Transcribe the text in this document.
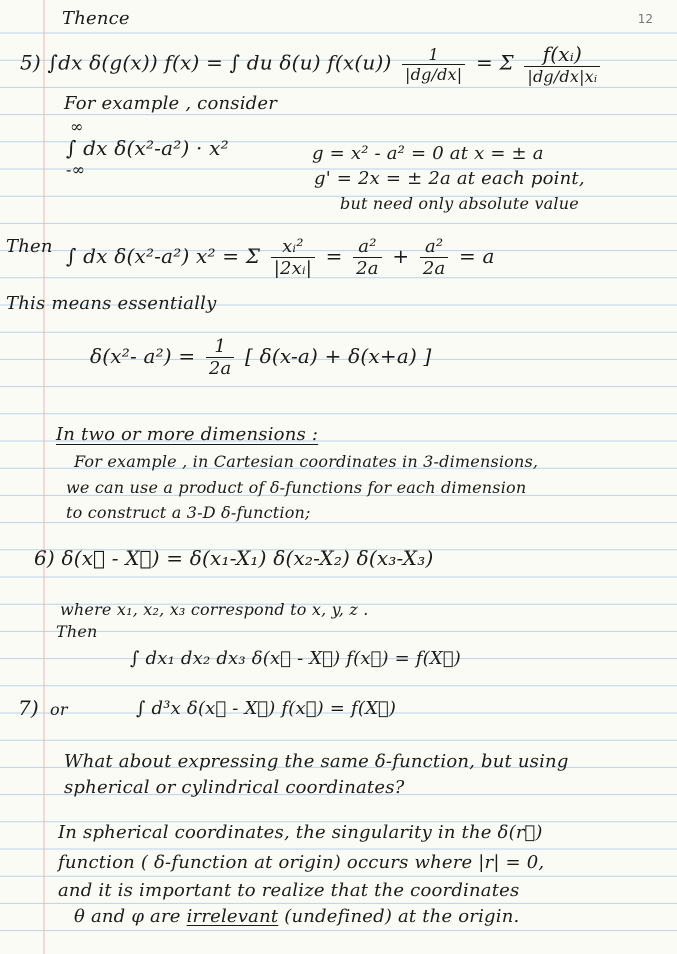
12
Thence
5) ∫dx δ(g(x)) f(x) = ∫ du δ(u) $f(x(u)) \frac{1}{|dg/dx|} = \Sigma \frac{\text{f(xᵢ)}}{\text{|dg/dx|xᵢ}}$
For example , consider
∞
∫ dx δ(x²-a²) · x²
-∞
g = x² - a² = 0 at x = ± a
g' = 2x = ± 2a at each point,
but need only absolute value
Then ∫ dx δ(x²-a²) x² = Σ $\frac{\text{xᵢ²}}{\text{|2xᵢ|}} = \frac{\text{a²}}{2a} + \frac{\text{a²}}{2a} = a$
This means essentially
δ(x²- $a^2) = \frac{1}{2a}$ [ δ(x-a) + δ(x+a) ]
In two or more dimensions :
For example , in Cartesian coordinates in 3-dimensions,
we can use a product of δ-functions for each dimension
to construct a 3-D δ-function;
6) δ(x⃗ - X⃗) = δ(x₁-X₁) δ(x₂-X₂) δ(x₃-X₃)
where x₁, x₂, x₃ correspond to x, y, z .
Then
∫ dx₁ dx₂ dx₃ δ(x⃗ - X⃗) f(x⃗) = f(X⃗)
7) or	∫ d³x δ(x⃗ - X⃗) f(x⃗) = f(X⃗)
What about expressing the same δ-function, but using
spherical or cylindrical coordinates?
In spherical coordinates, the singularity in the δ(r⃗)
function ( δ-function at origin) occurs where |r| = 0,
and it is important to realize that the coordinates
θ and φ are irrelevant (undefined) at the origin.
